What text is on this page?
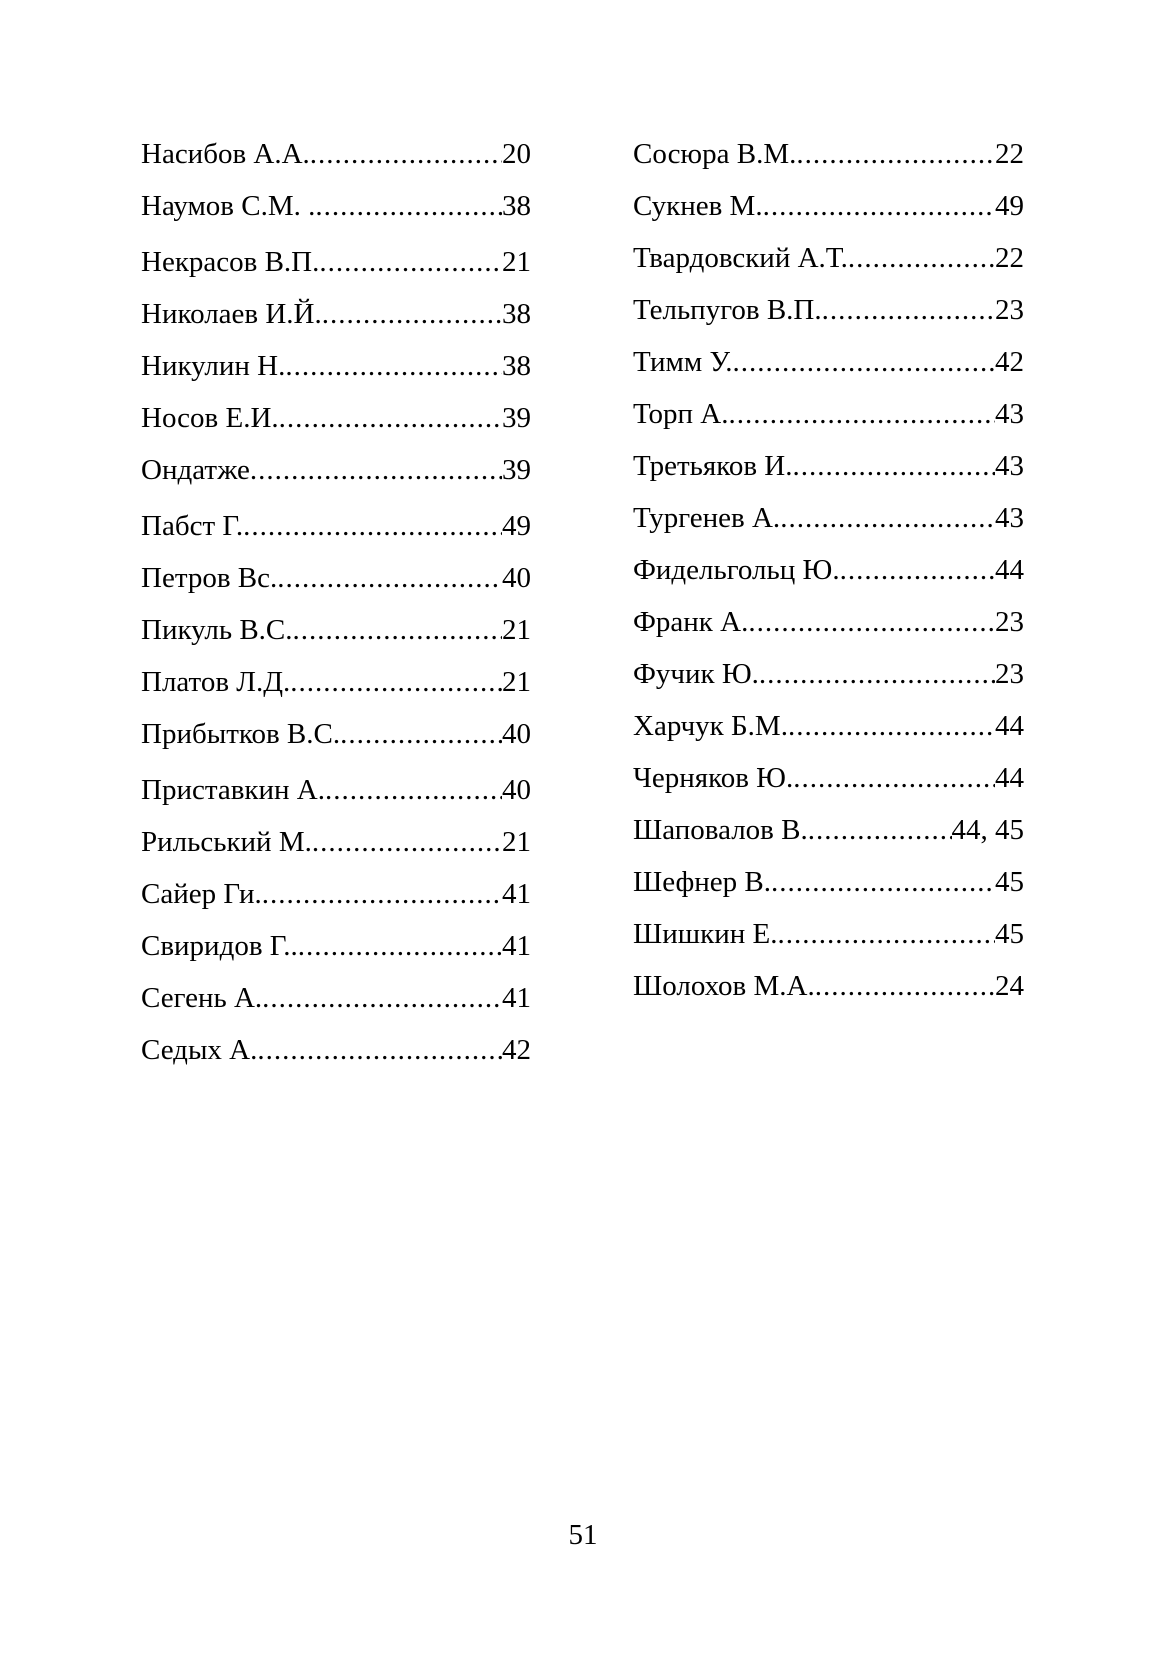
Насибов А.А. .....	20
Наумов С.М. . .....	38
Некрасов В.П. .....	21
Николаев И.Й. .....	38
Никулин Н. .....	38
Носов Е.И. .....	39
Ондатже .....	39
Пабст Г. .....	49
Петров Вс. .....	40
Пикуль В.С. .....	21
Платов Л.Д. .....	21
Прибытков В.С. .....	40
Приставкин А. .....	40
Рильський М. .....	21
Сайер Ги. .....	41
Свиридов Г.. .....	41
Сегень А. .....	41
Седых А. .....	42
Сосюра В.М. .....	22
Сукнев М. .....	49
Твардовский А.Т. .....	22
Тельпугов В.П. .....	23
Тимм У. .....	42
Торп А. .....	43
Третьяков И. .....	43
Тургенев А. .....	43
Фидельгольц Ю. .....	44
Франк А. .....	23
Фучик Ю. .....	23
Харчук Б.М. .....	44
Черняков Ю. .....	44
Шаповалов В. .....	44, 45
Шефнер В. .....	45
Шишкин Е. .....	45
Шолохов М.А. .....	24
51
